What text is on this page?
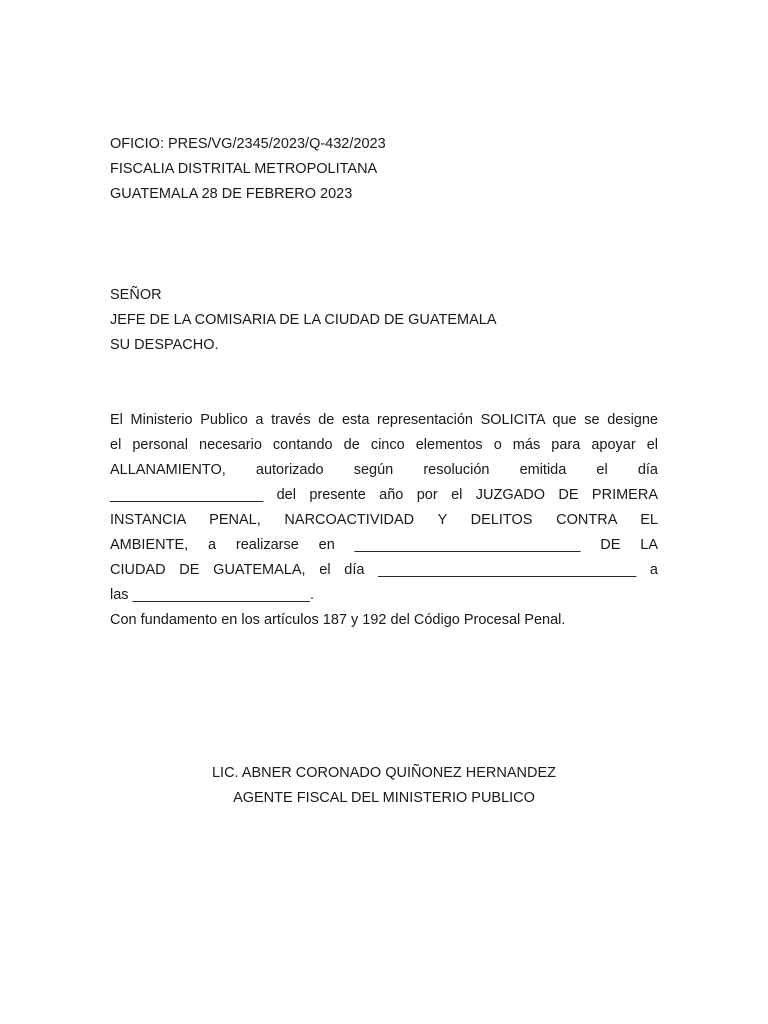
OFICIO: PRES/VG/2345/2023/Q-432/2023
FISCALIA DISTRITAL METROPOLITANA
GUATEMALA 28 DE FEBRERO 2023
SEÑOR
JEFE DE LA COMISARIA DE LA CIUDAD DE GUATEMALA
SU DESPACHO.
El Ministerio Publico a través de esta representación SOLICITA que se designe
el personal necesario contando de cinco elementos o más para apoyar el
ALLANAMIENTO, autorizado según resolución emitida el día
___________________ del presente año por el JUZGADO DE PRIMERA
INSTANCIA PENAL, NARCOACTIVIDAD Y DELITOS CONTRA EL
AMBIENTE, a realizarse en ____________________________ DE LA
CIUDAD DE GUATEMALA, el día ________________________________ a
las ______________________.
Con fundamento en los artículos 187 y 192 del Código Procesal Penal.
LIC. ABNER CORONADO QUIÑONEZ HERNANDEZ
AGENTE FISCAL DEL MINISTERIO PUBLICO
